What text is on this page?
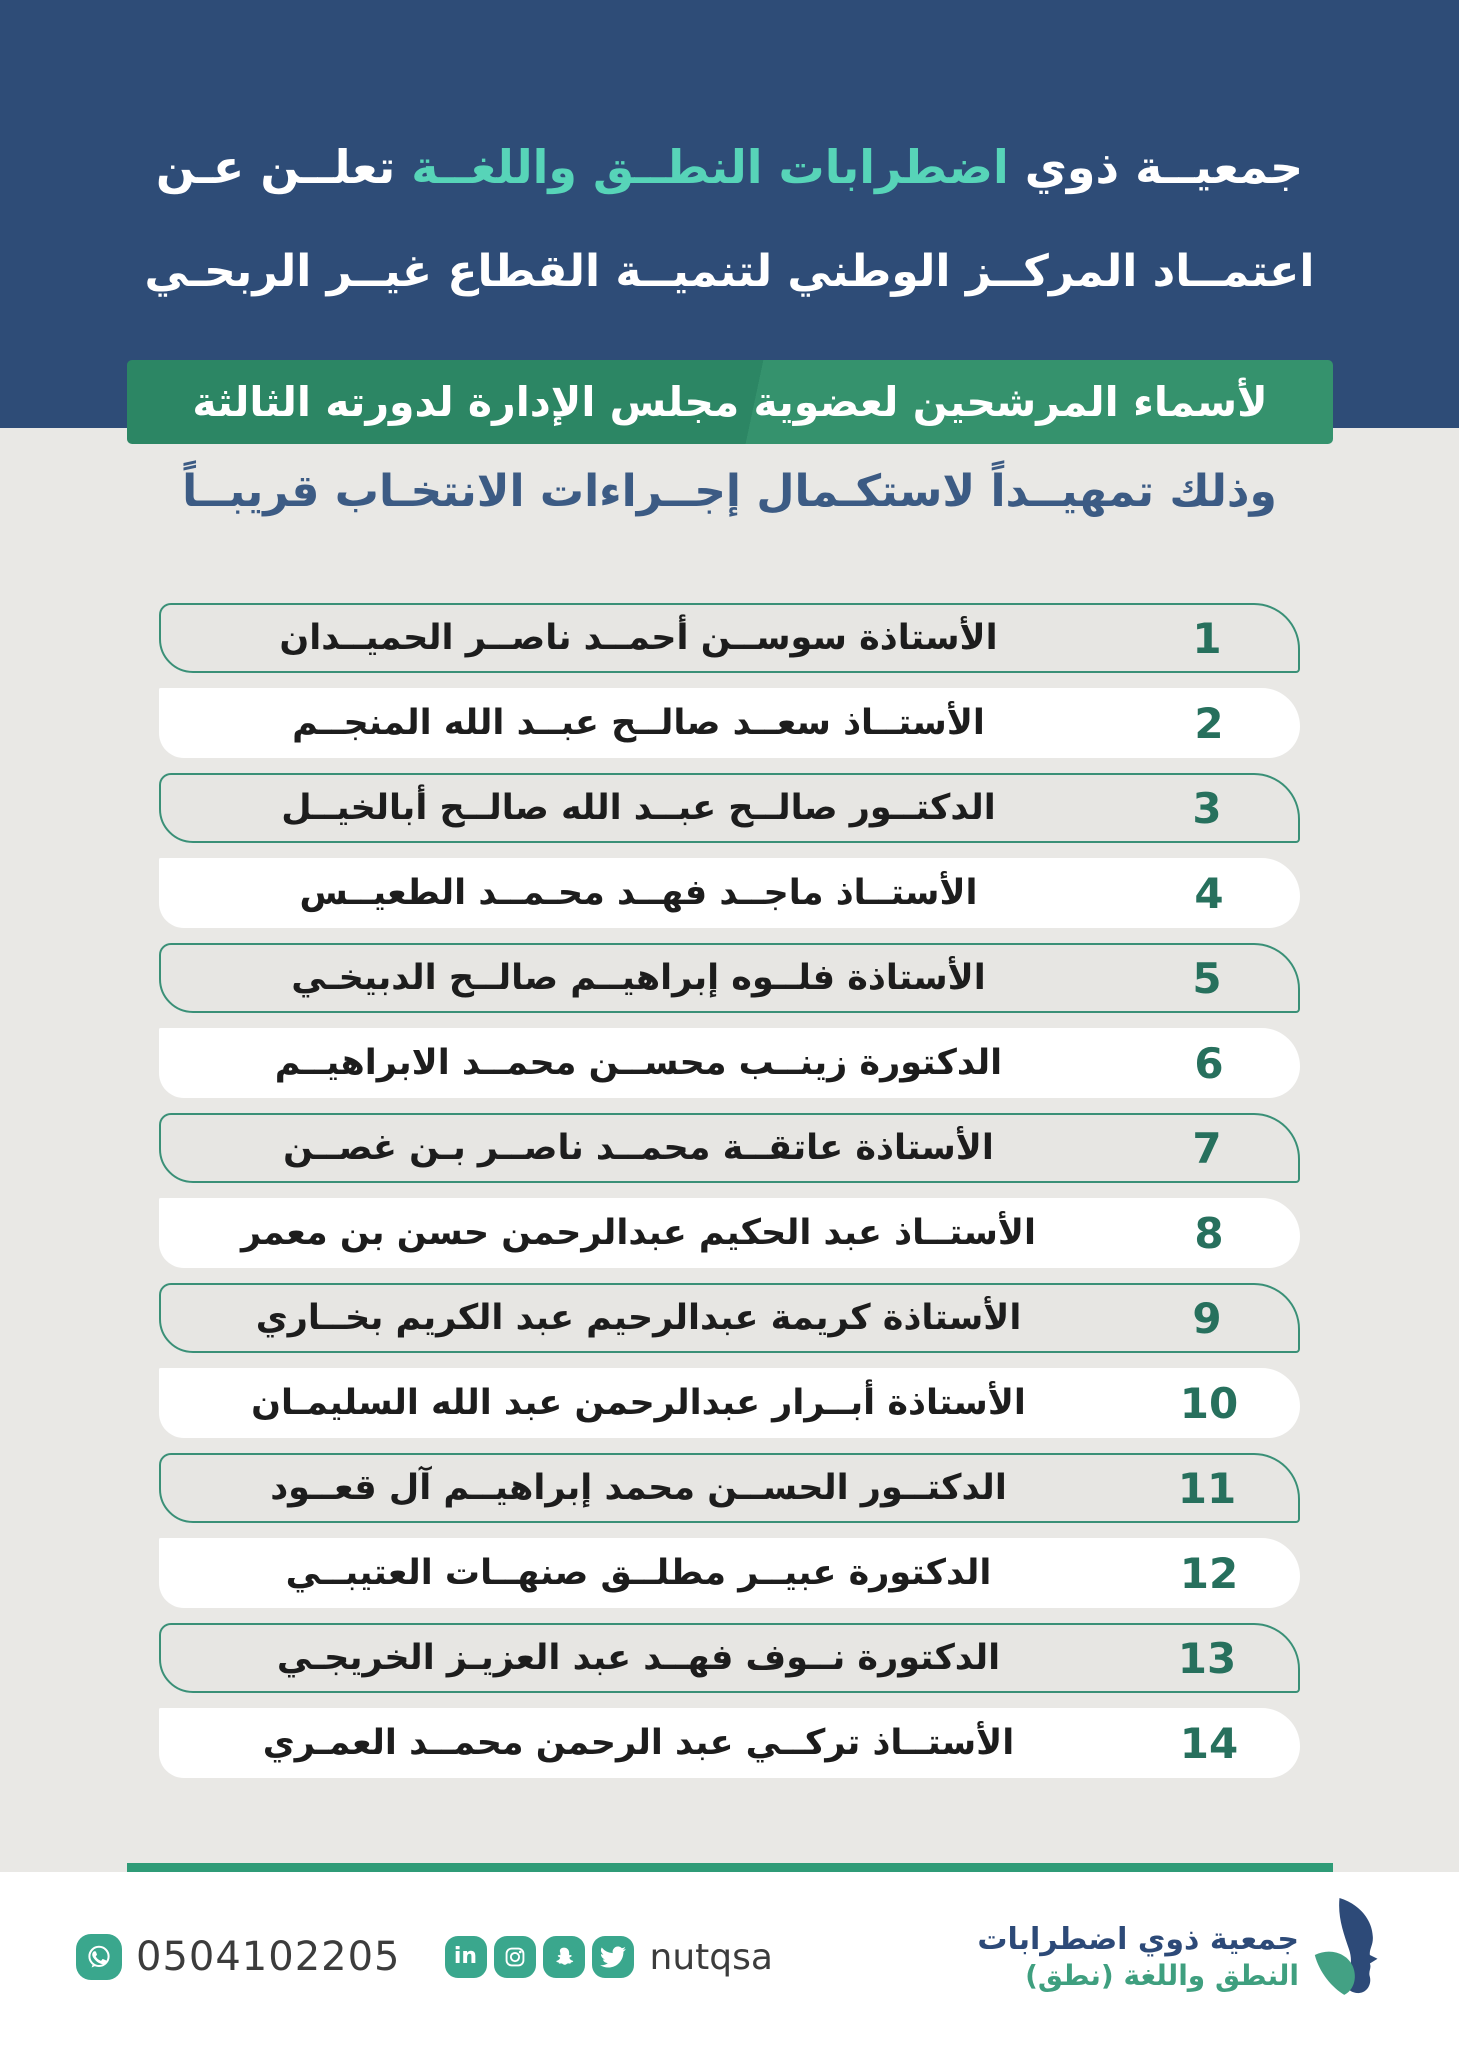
جمعيــة ذوي اضطرابات النطــق واللغــة تعلــن عـن
اعتمــاد المركــز الوطني لتنميــة القطاع غيــر الربحـي
لأسماء المرشحين لعضوية مجلس الإدارة لدورته الثالثة
وذلك تمهيــداً لاستكـمال إجــراءات الانتخـاب قريبــاً
1
الأستاذة سوســن أحمــد ناصــر الحميــدان
2
الأستــاذ سعــد صالــح عبــد الله المنجــم
3
الدكتــور صالــح عبــد الله صالــح أبالخيــل
4
الأستــاذ ماجــد فهــد محـمــد الطعيــس
5
الأستاذة فلــوه إبراهيــم صالــح الدبيخـي
6
الدكتورة زينــب محســن محمــد الابراهيــم
7
الأستاذة عاتقــة محمــد ناصــر بـن غصــن
8
الأستــاذ عبد الحكيم عبدالرحمن حسن بن معمر
9
الأستاذة كريمة عبدالرحيم عبد الكريم بخــاري
10
الأستاذة أبــرار عبدالرحمن عبد الله السليمـان
11
الدكتــور الحســن محمد إبراهيــم آل قعــود
12
الدكتورة عبيــر مطلــق صنهــات العتيبــي
13
الدكتورة نــوف فهــد عبد العزيـز الخريجـي
14
الأستــاذ تركــي عبد الرحمن محمــد العمـري
0504102205 in	nutqsa	جمعية ذوي اضطرابات
النطق واللغة (نطق)
